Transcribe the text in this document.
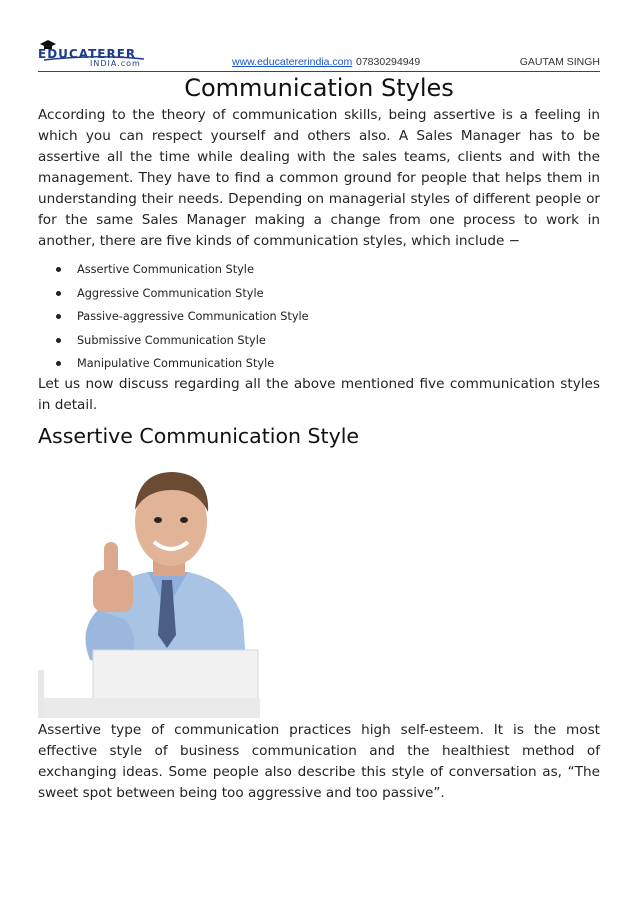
EDUCATERER
INDIA.com	www.educatererindia.com 07830294949	GAUTAM SINGH
Communication Styles
According to the theory of communication skills, being assertive is a feeling in which you can respect yourself and others also. A Sales Manager has to be assertive all the time while dealing with the sales teams, clients and with the management. They have to find a common ground for people that helps them in understanding their needs. Depending on managerial styles of different people or for the same Sales Manager making a change from one process to work in another, there are five kinds of communication styles, which include −
Assertive Communication Style
Aggressive Communication Style
Passive-aggressive Communication Style
Submissive Communication Style
Manipulative Communication Style
Let us now discuss regarding all the above mentioned five communication styles in detail.
Assertive Communication Style
Assertive type of communication practices high self-esteem. It is the most effective style of business communication and the healthiest method of exchanging ideas. Some people also describe this style of conversation as, “The sweet spot between being too aggressive and too passive”.
